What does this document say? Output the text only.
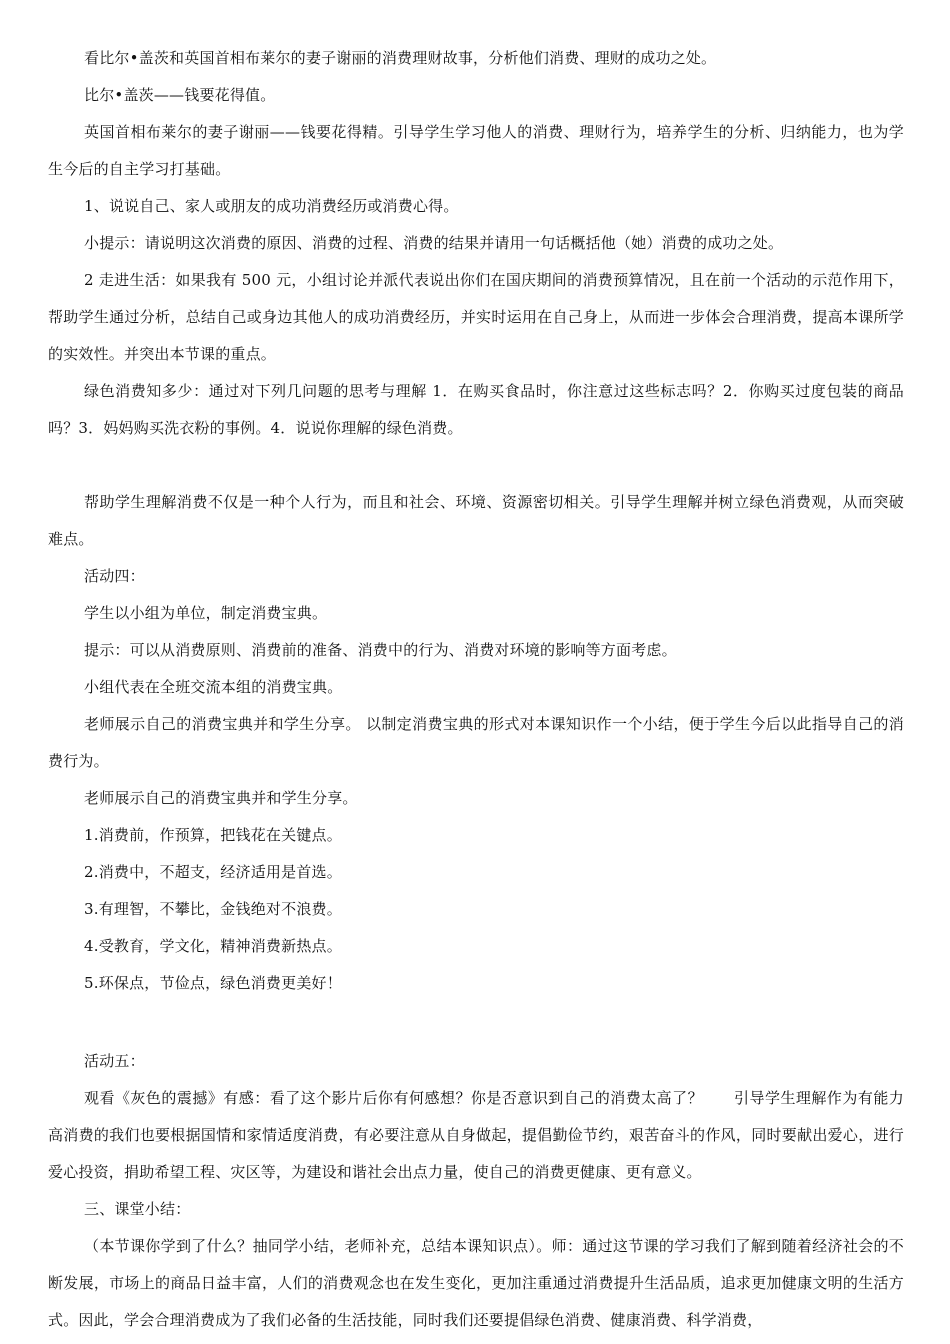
看比尔•盖茨和英国首相布莱尔的妻子谢丽的消费理财故事，分析他们消费、理财的成功之处。

比尔•盖茨——钱要花得值。

英国首相布莱尔的妻子谢丽——钱要花得精。引导学生学习他人的消费、理财行为，培养学生的分析、归纳能力，也为学生今后的自主学习打基础。

1、说说自己、家人或朋友的成功消费经历或消费心得。

小提示：请说明这次消费的原因、消费的过程、消费的结果并请用一句话概括他（她）消费的成功之处。

2 走进生活：如果我有 500 元，小组讨论并派代表说出你们在国庆期间的消费预算情况，且在前一个活动的示范作用下，帮助学生通过分析，总结自己或身边其他人的成功消费经历，并实时运用在自己身上，从而进一步体会合理消费，提高本课所学的实效性。并突出本节课的重点。

绿色消费知多少：通过对下列几问题的思考与理解 1．在购买食品时，你注意过这些标志吗？2．你购买过度包装的商品吗？3．妈妈购买洗衣粉的事例。4．说说你理解的绿色消费。

帮助学生理解消费不仅是一种个人行为，而且和社会、环境、资源密切相关。引导学生理解并树立绿色消费观，从而突破难点。

活动四：

学生以小组为单位，制定消费宝典。

提示：可以从消费原则、消费前的准备、消费中的行为、消费对环境的影响等方面考虑。

小组代表在全班交流本组的消费宝典。

老师展示自己的消费宝典并和学生分享。 以制定消费宝典的形式对本课知识作一个小结，便于学生今后以此指导自己的消费行为。

老师展示自己的消费宝典并和学生分享。

1.消费前，作预算，把钱花在关键点。

2.消费中，不超支，经济适用是首选。

3.有理智，不攀比，金钱绝对不浪费。

4.受教育，学文化，精神消费新热点。

5.环保点，节俭点，绿色消费更美好！

活动五：

观看《灰色的震撼》有感：看了这个影片后你有何感想？你是否意识到自己的消费太高了？　　引导学生理解作为有能力高消费的我们也要根据国情和家情适度消费，有必要注意从自身做起，提倡勤俭节约，艰苦奋斗的作风，同时要献出爱心，进行爱心投资，捐助希望工程、灾区等，为建设和谐社会出点力量，使自己的消费更健康、更有意义。

三、课堂小结：

（本节课你学到了什么？抽同学小结，老师补充，总结本课知识点）。师：通过这节课的学习我们了解到随着经济社会的不断发展，市场上的商品日益丰富，人们的消费观念也在发生变化，更加注重通过消费提升生活品质，追求更加健康文明的生活方式。因此，学会合理消费成为了我们必备的生活技能，同时我们还要提倡绿色消费、健康消费、科学消费，
